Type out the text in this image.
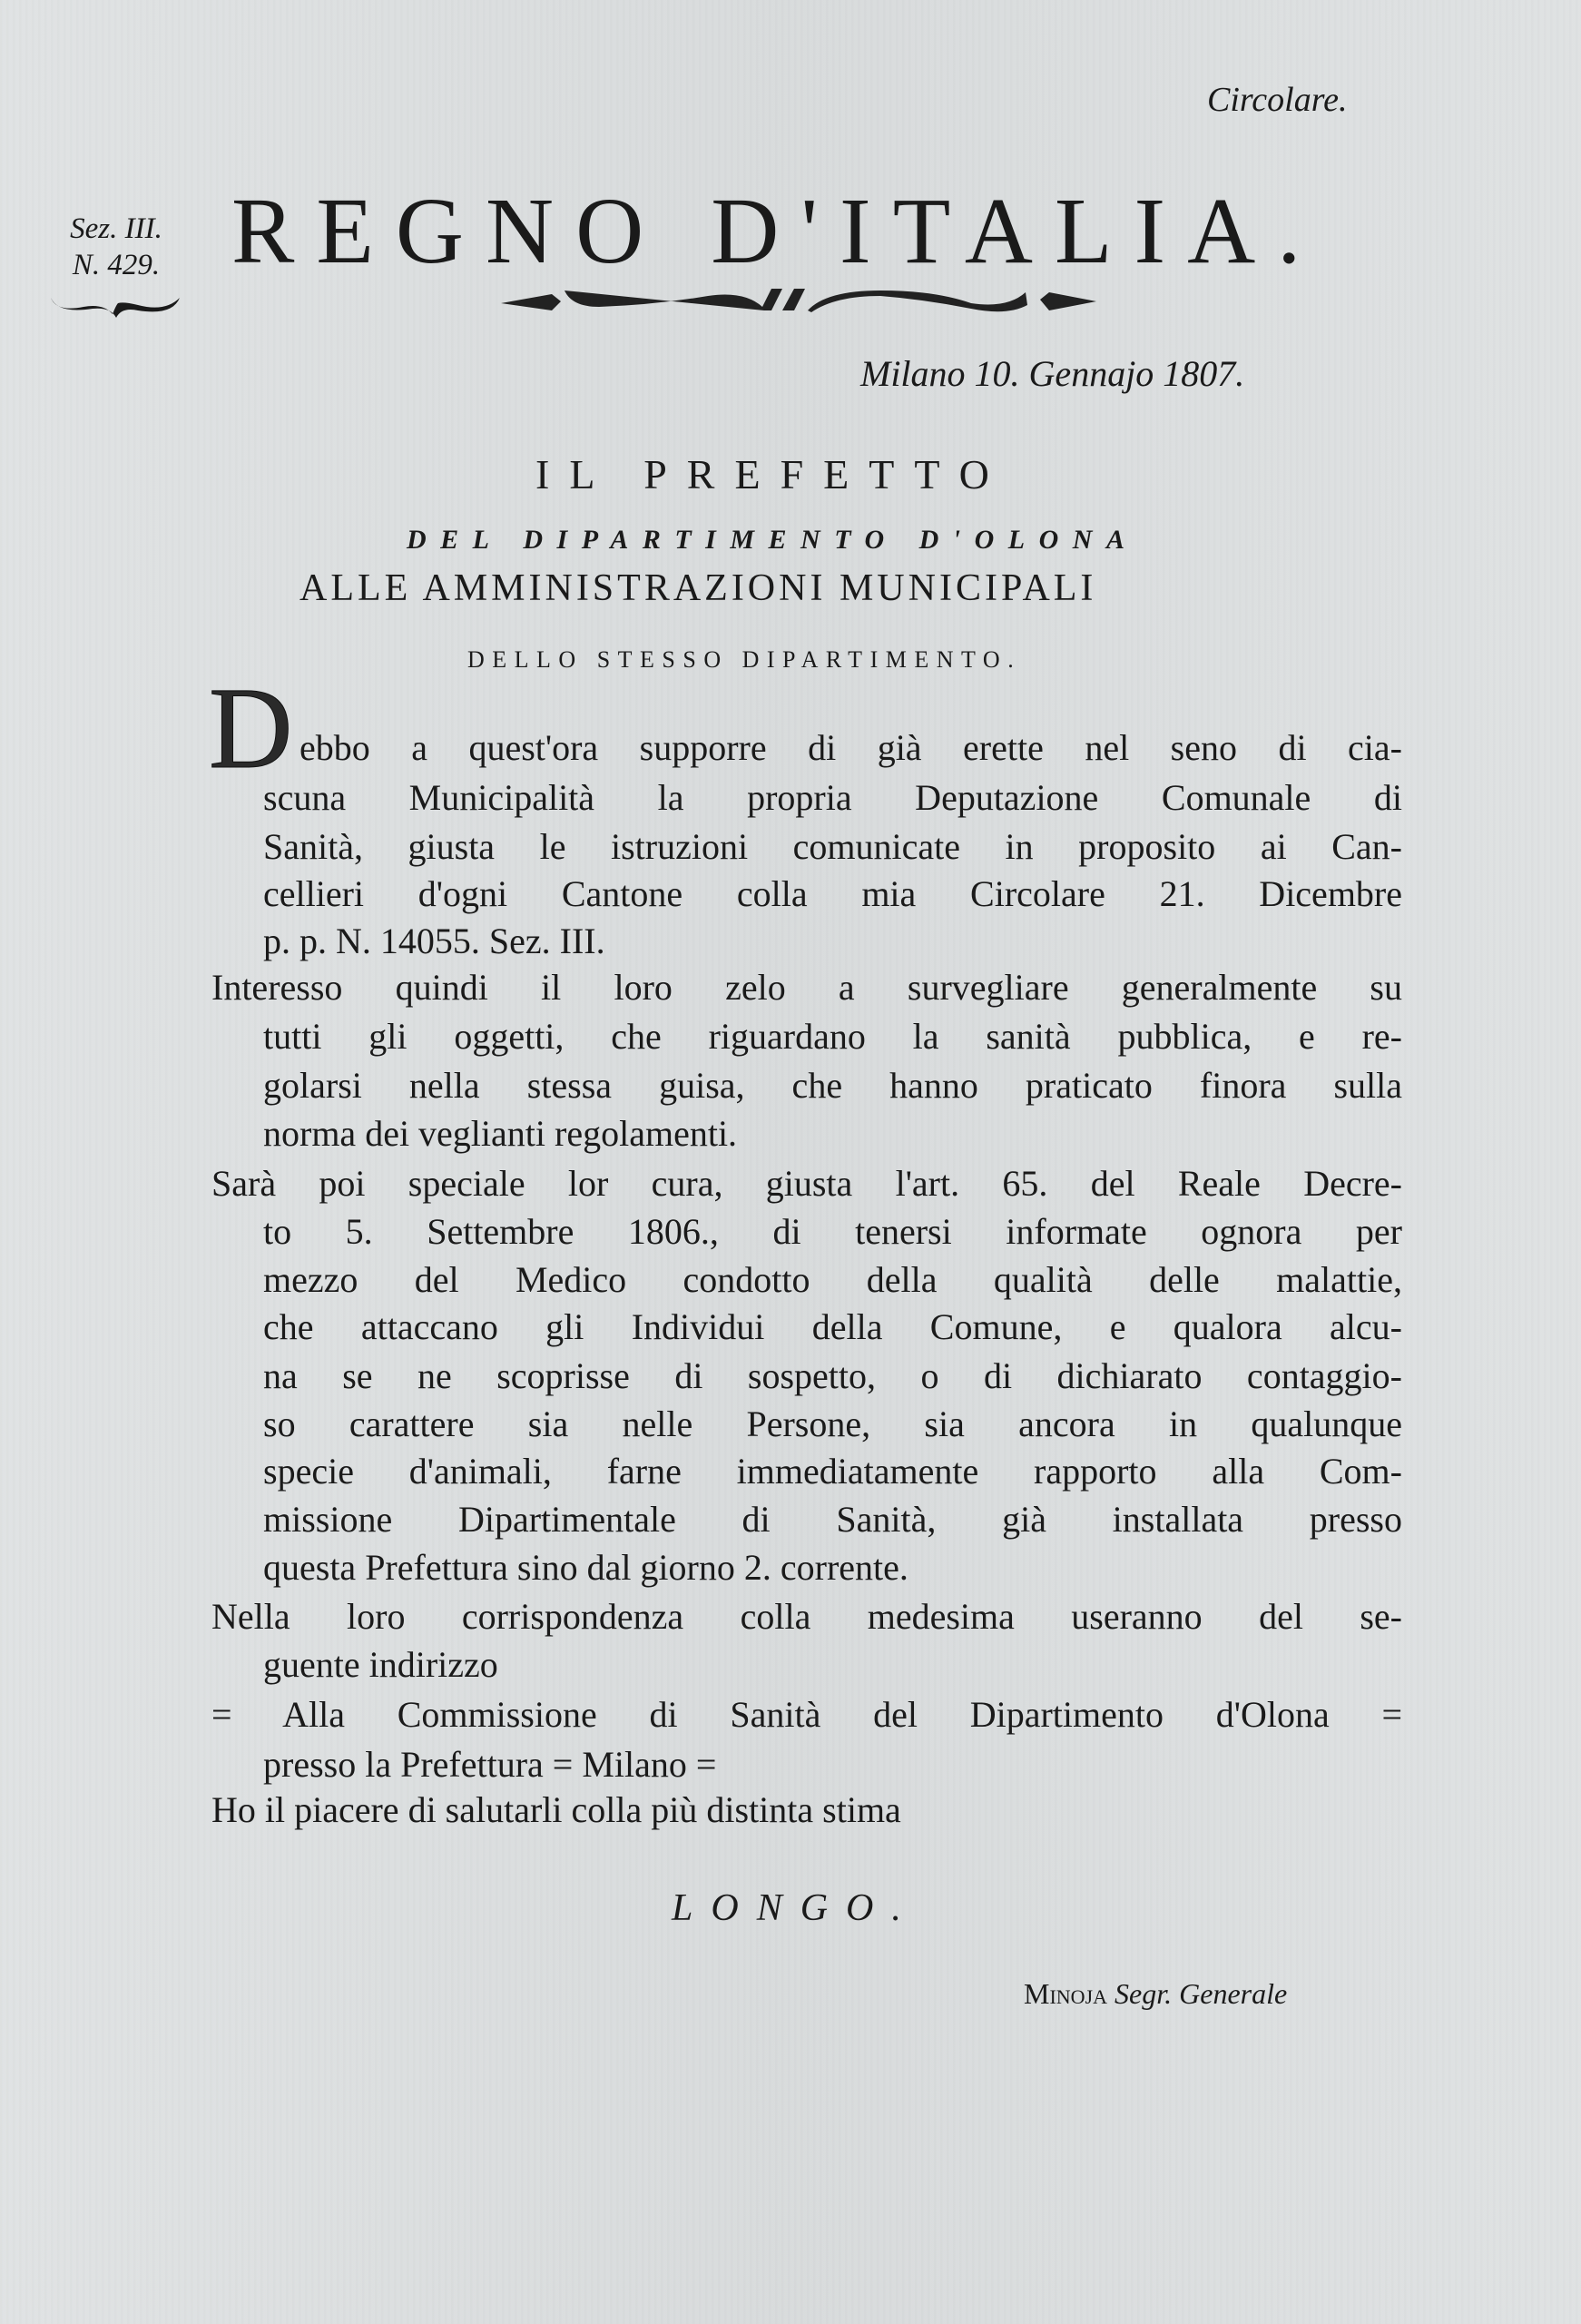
Circolare.
Sez. III.
N. 429. REGNO D'ITALIA.
Milano 10. Gennajo 1807.
IL PREFETTO
DEL DIPARTIMENTO D'OLONA
ALLE AMMINISTRAZIONI MUNICIPALI
DELLO STESSO DIPARTIMENTO.
D ebbo a quest'ora supporre di già erette nel seno di cia-
scuna Municipalità la propria Deputazione Comunale di
Sanità, giusta le istruzioni comunicate in proposito ai Can-
cellieri d'ogni Cantone colla mia Circolare 21. Dicembre
p. p. N. 14055. Sez. III.
Interesso quindi il loro zelo a survegliare generalmente su
tutti gli oggetti, che riguardano la sanità pubblica, e re-
golarsi nella stessa guisa, che hanno praticato finora sulla
norma dei veglianti regolamenti.
Sarà poi speciale lor cura, giusta l'art. 65. del Reale Decre-
to 5. Settembre 1806., di tenersi informate ognora per
mezzo del Medico condotto della qualità delle malattie,
che attaccano gli Individui della Comune, e qualora alcu-
na se ne scoprisse di sospetto, o di dichiarato contaggio-
so carattere sia nelle Persone, sia ancora in qualunque
specie d'animali, farne immediatamente rapporto alla Com-
missione Dipartimentale di Sanità, già installata presso
questa Prefettura sino dal giorno 2. corrente.
Nella loro corrispondenza colla medesima useranno del se-
guente indirizzo
= Alla Commissione di Sanità del Dipartimento d'Olona =
presso la Prefettura = Milano =
Ho il piacere di salutarli colla più distinta stima
LONGO.
Minoja Segr. Generale
